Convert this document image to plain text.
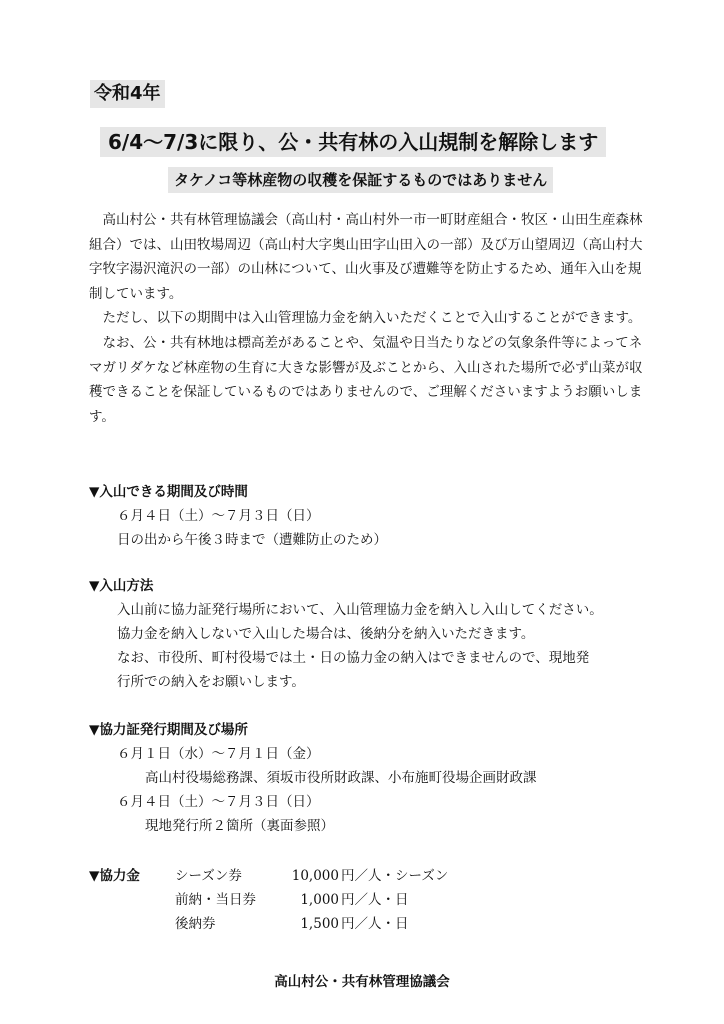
令和4年
6/4〜7/3に限り、公・共有林の入山規制を解除します
タケノコ等林産物の収穫を保証するものではありません

高山村公・共有林管理協議会（高山村・高山村外一市一町財産組合・牧区・山田生産森林組合）では、山田牧場周辺（高山村大字奥山田字山田入の一部）及び万山望周辺（高山村大字牧字湯沢滝沢の一部）の山林について、山火事及び遭難等を防止するため、通年入山を規制しています。

ただし、以下の期間中は入山管理協力金を納入いただくことで入山することができます。

なお、公・共有林地は標高差があることや、気温や日当たりなどの気象条件等によってネマガリダケなど林産物の生育に大きな影響が及ぶことから、入山された場所で必ず山菜が収穫できることを保証しているものではありませんので、ご理解くださいますようお願いします。

▼入山できる期間及び時間
６月４日（土）〜７月３日（日）
日の出から午後３時まで（遭難防止のため）
▼入山方法
入山前に協力証発行場所において、入山管理協力金を納入し入山してください。
協力金を納入しないで入山した場合は、後納分を納入いただきます。
なお、市役所、町村役場では土・日の協力金の納入はできませんので、現地発
行所での納入をお願いします。
▼協力証発行期間及び場所
６月１日（水）〜７月１日（金）
高山村役場総務課、須坂市役所財政課、小布施町役場企画財政課
６月４日（土）〜７月３日（日）
現地発行所２箇所（裏面参照）
▼協力金	シーズン券	10,000 円／人・シーズン
前納・当日券	1,000 円／人・日
後納券	1,500 円／人・日
高山村公・共有林管理協議会
